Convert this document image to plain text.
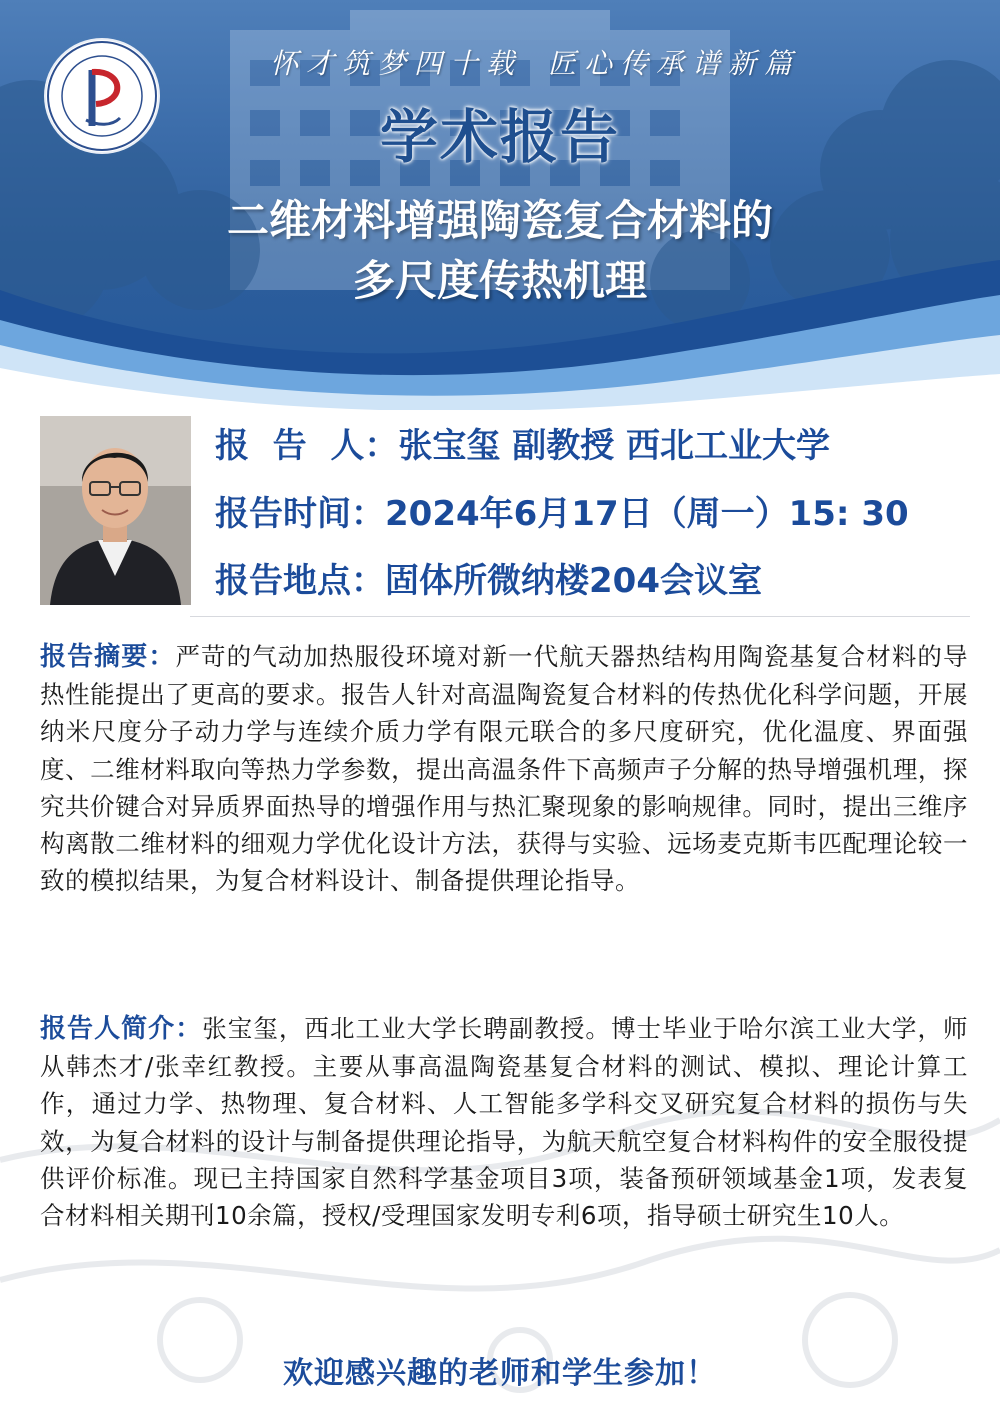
怀才筑梦四十载 匠心传承谱新篇
学术报告
二维材料增强陶瓷复合材料的
多尺度传热机理
报  告  人：张宝玺 副教授 西北工业大学
报告时间：2024年6月17日（周一）15: 30
报告地点：固体所微纳楼204会议室
报告摘要：严苛的气动加热服役环境对新一代航天器热结构用陶瓷基复合材料的导热性能提出了更高的要求。报告人针对高温陶瓷复合材料的传热优化科学问题，开展纳米尺度分子动力学与连续介质力学有限元联合的多尺度研究，优化温度、界面强度、二维材料取向等热力学参数，提出高温条件下高频声子分解的热导增强机理，探究共价键合对异质界面热导的增强作用与热汇聚现象的影响规律。同时，提出三维序构离散二维材料的细观力学优化设计方法，获得与实验、远场麦克斯韦匹配理论较一致的模拟结果，为复合材料设计、制备提供理论指导。
报告人简介：张宝玺，西北工业大学长聘副教授。博士毕业于哈尔滨工业大学，师从韩杰才/张幸红教授。主要从事高温陶瓷基复合材料的测试、模拟、理论计算工作，通过力学、热物理、复合材料、人工智能多学科交叉研究复合材料的损伤与失效，为复合材料的设计与制备提供理论指导，为航天航空复合材料构件的安全服役提供评价标准。现已主持国家自然科学基金项目3项，装备预研领域基金1项，发表复合材料相关期刊10余篇，授权/受理国家发明专利6项，指导硕士研究生10人。
欢迎感兴趣的老师和学生参加！
